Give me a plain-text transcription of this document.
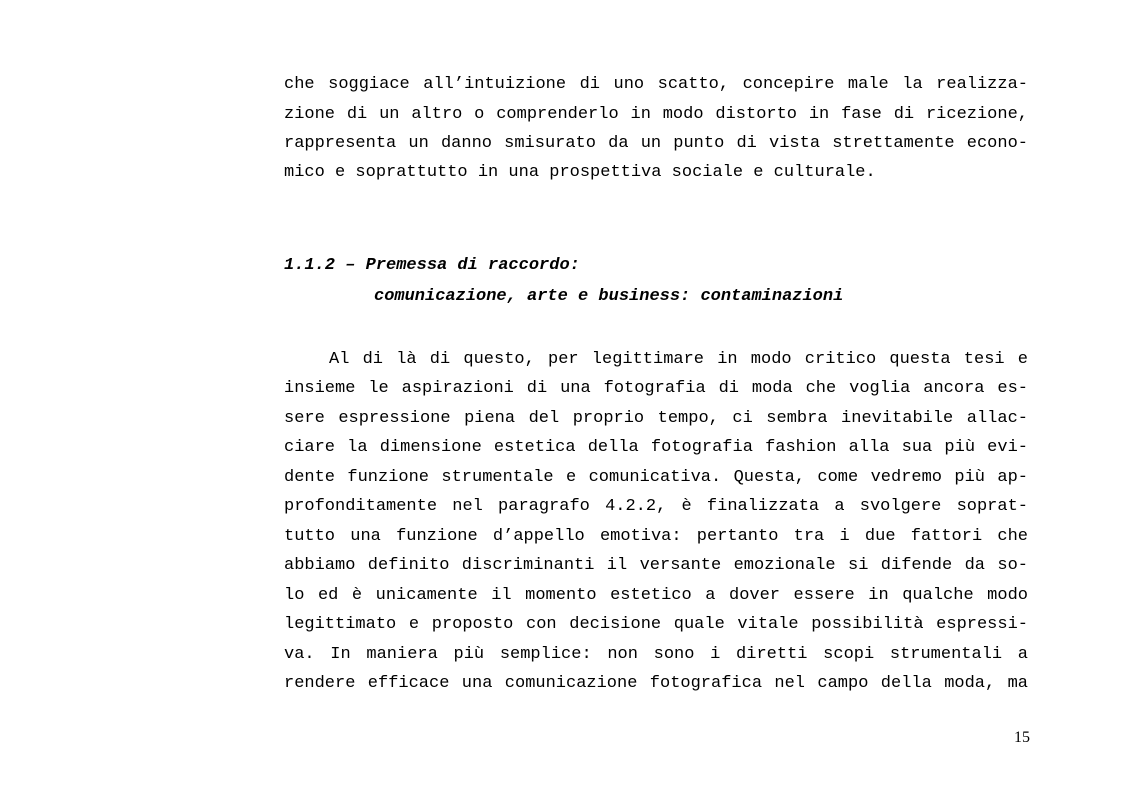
che soggiace all’intuizione di uno scatto, concepire male la realizza-
zione di un altro o comprenderlo in modo distorto in fase di ricezione,
rappresenta un danno smisurato da un punto di vista strettamente econo-
mico e soprattutto in una prospettiva sociale e culturale.
1.1.2 – Premessa di raccordo:
comunicazione, arte e business: contaminazioni
Al di là di questo, per legittimare in modo critico questa tesi e
insieme le aspirazioni di una fotografia di moda che voglia ancora es-
sere espressione piena del proprio tempo, ci sembra inevitabile allac-
ciare la dimensione estetica della fotografia fashion alla sua più evi-
dente funzione strumentale e comunicativa. Questa, come vedremo più ap-
profonditamente nel paragrafo 4.2.2, è finalizzata a svolgere soprat-
tutto una funzione d’appello emotiva: pertanto tra i due fattori che
abbiamo definito discriminanti il versante emozionale si difende da so-
lo ed è unicamente il momento estetico a dover essere in qualche modo
legittimato e proposto con decisione quale vitale possibilità espressi-
va. In maniera più semplice: non sono i diretti scopi strumentali a
rendere efficace una comunicazione fotografica nel campo della moda, ma
15
